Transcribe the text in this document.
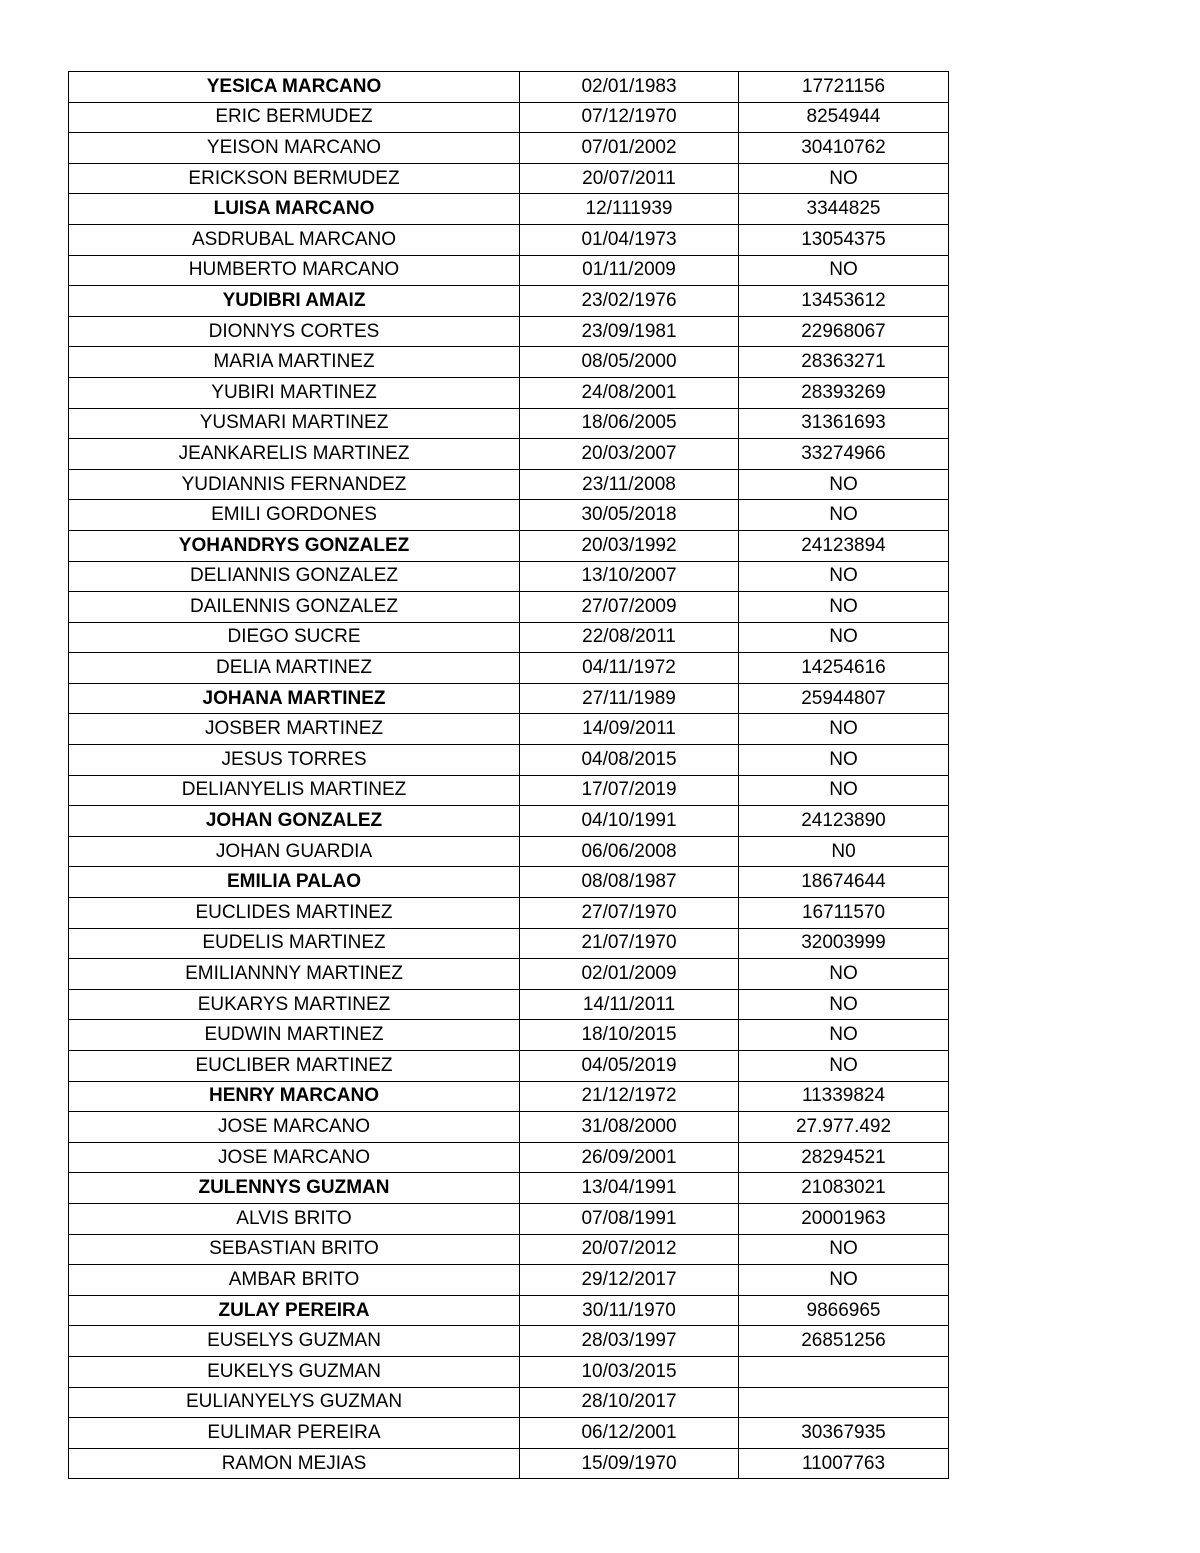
YESICA MARCANO	02/01/1983	17721156
ERIC BERMUDEZ	07/12/1970	8254944
YEISON MARCANO	07/01/2002	30410762
ERICKSON BERMUDEZ	20/07/2011	NO
LUISA MARCANO	12/111939	3344825
ASDRUBAL MARCANO	01/04/1973	13054375
HUMBERTO MARCANO	01/11/2009	NO
YUDIBRI AMAIZ	23/02/1976	13453612
DIONNYS CORTES	23/09/1981	22968067
MARIA MARTINEZ	08/05/2000	28363271
YUBIRI MARTINEZ	24/08/2001	28393269
YUSMARI MARTINEZ	18/06/2005	31361693
JEANKARELIS MARTINEZ	20/03/2007	33274966
YUDIANNIS FERNANDEZ	23/11/2008	NO
EMILI GORDONES	30/05/2018	NO
YOHANDRYS GONZALEZ	20/03/1992	24123894
DELIANNIS GONZALEZ	13/10/2007	NO
DAILENNIS GONZALEZ	27/07/2009	NO
DIEGO SUCRE	22/08/2011	NO
DELIA MARTINEZ	04/11/1972	14254616
JOHANA MARTINEZ	27/11/1989	25944807
JOSBER MARTINEZ	14/09/2011	NO
JESUS TORRES	04/08/2015	NO
DELIANYELIS MARTINEZ	17/07/2019	NO
JOHAN GONZALEZ	04/10/1991	24123890
JOHAN GUARDIA	06/06/2008	N0
EMILIA PALAO	08/08/1987	18674644
EUCLIDES MARTINEZ	27/07/1970	16711570
EUDELIS MARTINEZ	21/07/1970	32003999
EMILIANNNY MARTINEZ	02/01/2009	NO
EUKARYS MARTINEZ	14/11/2011	NO
EUDWIN MARTINEZ	18/10/2015	NO
EUCLIBER MARTINEZ	04/05/2019	NO
HENRY MARCANO	21/12/1972	11339824
JOSE MARCANO	31/08/2000	27.977.492
JOSE MARCANO	26/09/2001	28294521
ZULENNYS GUZMAN	13/04/1991	21083021
ALVIS BRITO	07/08/1991	20001963
SEBASTIAN BRITO	20/07/2012	NO
AMBAR BRITO	29/12/2017	NO
ZULAY PEREIRA	30/11/1970	9866965
EUSELYS GUZMAN	28/03/1997	26851256
EUKELYS GUZMAN	10/03/2015	
EULIANYELYS GUZMAN	28/10/2017	
EULIMAR PEREIRA	06/12/2001	30367935
RAMON MEJIAS	15/09/1970	11007763
